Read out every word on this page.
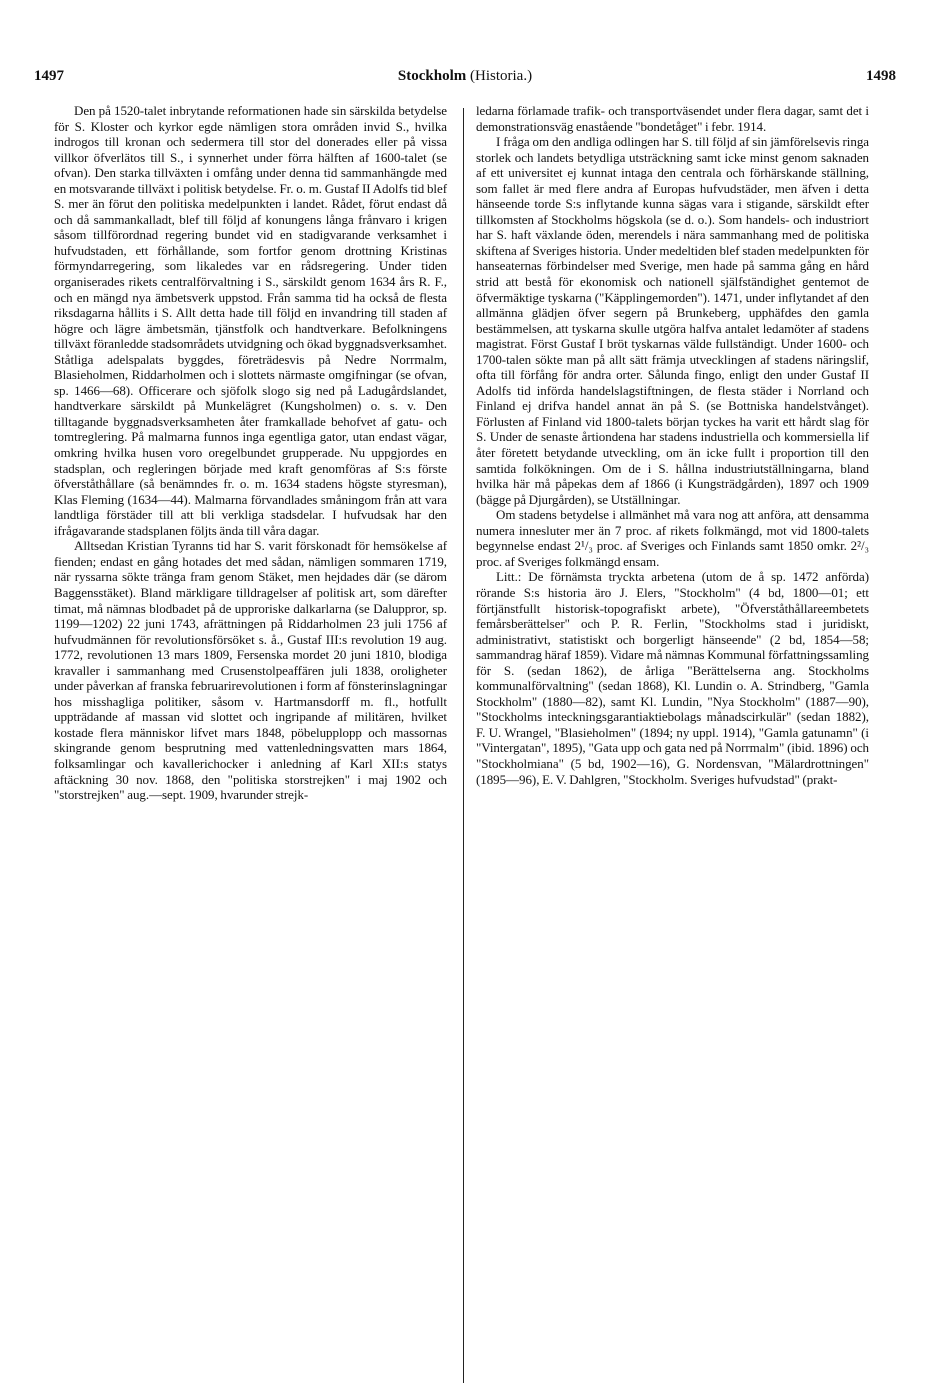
1497	Stockholm (Historia.)	1498

Den på 1520-talet inbrytande reformationen hade sin särskilda betydelse för S. Kloster och kyrkor egde nämligen stora områden invid S., hvilka indrogos till kronan och sedermera till stor del donerades eller på vissa villkor öfverlätos till S., i synnerhet under förra hälften af 1600-talet (se ofvan). Den starka tillväxten i omfång under denna tid sammanhängde med en motsvarande tillväxt i politisk betydelse. Fr. o. m. Gustaf II Adolfs tid blef S. mer än förut den politiska medelpunkten i landet. Rådet, förut endast då och då sammankalladt, blef till följd af konungens långa frånvaro i krigen såsom tillförordnad regering bundet vid en stadigvarande verksamhet i hufvudstaden, ett förhållande, som fortfor genom drottning Kristinas förmyndarregering, som likaledes var en rådsregering. Under tiden organiserades rikets centralförvaltning i S., särskildt genom 1634 års R. F., och en mängd nya ämbetsverk uppstod. Från samma tid ha också de flesta riksdagarna hållits i S. Allt detta hade till följd en invandring till staden af högre och lägre ämbetsmän, tjänstfolk och handtverkare. Befolkningens tillväxt föranledde stadsområdets utvidgning och ökad byggnadsverksamhet. Ståtliga adelspalats byggdes, företrädesvis på Nedre Norrmalm, Blasieholmen, Riddarholmen och i slottets närmaste omgifningar (se ofvan, sp. 1466—68). Officerare och sjöfolk slogo sig ned på Ladugårdslandet, handtverkare särskildt på Munkelägret (Kungsholmen) o. s. v. Den tilltagande byggnadsverksamheten åter framkallade behofvet af gatu- och tomtreglering. På malmarna funnos inga egentliga gator, utan endast vägar, omkring hvilka husen voro oregelbundet grupperade. Nu uppgjordes en stadsplan, och regleringen började med kraft genomföras af S:s förste öfverståthållare (så benämndes fr. o. m. 1634 stadens högste styresman), Klas Fleming (1634—44). Malmarna förvandlades småningom från att vara landtliga förstäder till att bli verkliga stadsdelar. I hufvudsak har den ifrågavarande stadsplanen följts ända till våra dagar.

Alltsedan Kristian Tyranns tid har S. varit förskonadt för hemsökelse af fienden; endast en gång hotades det med sådan, nämligen sommaren 1719, när ryssarna sökte tränga fram genom Stäket, men hejdades där (se därom Baggensstäket). Bland märkligare tilldragelser af politisk art, som därefter timat, må nämnas blodbadet på de upproriske dalkarlarna (se Daluppror, sp. 1199—1202) 22 juni 1743, afrättningen på Riddarholmen 23 juli 1756 af hufvudmännen för revolutionsförsöket s. å., Gustaf III:s revolution 19 aug. 1772, revolutionen 13 mars 1809, Fersenska mordet 20 juni 1810, blodiga kravaller i sammanhang med Crusenstolpeaffären juli 1838, oroligheter under påverkan af franska februarirevolutionen i form af fönsterinslagningar hos misshagliga politiker, såsom v. Hartmansdorff m. fl., hotfullt uppträdande af massan vid slottet och ingripande af militären, hvilket kostade flera människor lifvet mars 1848, pöbelupplopp och massornas skingrande genom besprutning med vattenledningsvatten mars 1864, folksamlingar och kavallerichocker i anledning af Karl XII:s statys aftäckning 30 nov. 1868, den "politiska storstrejken" i maj 1902 och "storstrejken" aug.—sept. 1909, hvarunder strejk-

ledarna förlamade trafik- och transportväsendet under flera dagar, samt det i demonstrationsväg enastående "bondetåget" i febr. 1914.

I fråga om den andliga odlingen har S. till följd af sin jämförelsevis ringa storlek och landets betydliga utsträckning samt icke minst genom saknaden af ett universitet ej kunnat intaga den centrala och förhärskande ställning, som fallet är med flere andra af Europas hufvudstäder, men äfven i detta hänseende torde S:s inflytande kunna sägas vara i stigande, särskildt efter tillkomsten af Stockholms högskola (se d. o.). Som handels- och industriort har S. haft växlande öden, merendels i nära sammanhang med de politiska skiftena af Sveriges historia. Under medeltiden blef staden medelpunkten för hanseaternas förbindelser med Sverige, men hade på samma gång en hård strid att bestå för ekonomisk och nationell själfständighet gentemot de öfvermäktige tyskarna ("Käpplingemorden"). 1471, under inflytandet af den allmänna glädjen öfver segern på Brunkeberg, upphäfdes den gamla bestämmelsen, att tyskarna skulle utgöra halfva antalet ledamöter af stadens magistrat. Först Gustaf I bröt tyskarnas välde fullständigt. Under 1600- och 1700-talen sökte man på allt sätt främja utvecklingen af stadens näringslif, ofta till förfång för andra orter. Sålunda fingo, enligt den under Gustaf II Adolfs tid införda handelslagstiftningen, de flesta städer i Norrland och Finland ej drifva handel annat än på S. (se Bottniska handelstvånget). Förlusten af Finland vid 1800-talets början tyckes ha varit ett hårdt slag för S. Under de senaste årtiondena har stadens industriella och kommersiella lif åter företett betydande utveckling, om än icke fullt i proportion till den samtida folkökningen. Om de i S. hållna industriutställningarna, bland hvilka här må påpekas dem af 1866 (i Kungsträdgården), 1897 och 1909 (bägge på Djurgården), se Utställningar.

Om stadens betydelse i allmänhet må vara nog att anföra, att densamma numera innesluter mer än 7 proc. af rikets folkmängd, mot vid 1800-talets begynnelse endast 2¹/₃ proc. af Sveriges och Finlands samt 1850 omkr. 2²/₃ proc. af Sveriges folkmängd ensam.

Litt.: De förnämsta tryckta arbetena (utom de å sp. 1472 anförda) rörande S:s historia äro J. Elers, "Stockholm" (4 bd, 1800—01; ett förtjänstfullt historisk-topografiskt arbete), "Öfverståthållareembetets femårsberättelser" och P. R. Ferlin, "Stockholms stad i juridiskt, administrativt, statistiskt och borgerligt hänseende" (2 bd, 1854—58; sammandrag häraf 1859). Vidare må nämnas Kommunal författningssamling för S. (sedan 1862), de årliga "Berättelserna ang. Stockholms kommunalförvaltning" (sedan 1868), Kl. Lundin o. A. Strindberg, "Gamla Stockholm" (1880—82), samt Kl. Lundin, "Nya Stockholm" (1887—90), "Stockholms inteckningsgarantiaktiebolags månadscirkulär" (sedan 1882), F. U. Wrangel, "Blasieholmen" (1894; ny uppl. 1914), "Gamla gatunamn" (i "Vintergatan", 1895), "Gata upp och gata ned på Norrmalm" (ibid. 1896) och "Stockholmiana" (5 bd, 1902—16), G. Nordensvan, "Mälardrottningen" (1895—96), E. V. Dahlgren, "Stockholm. Sveriges hufvudstad" (prakt-
